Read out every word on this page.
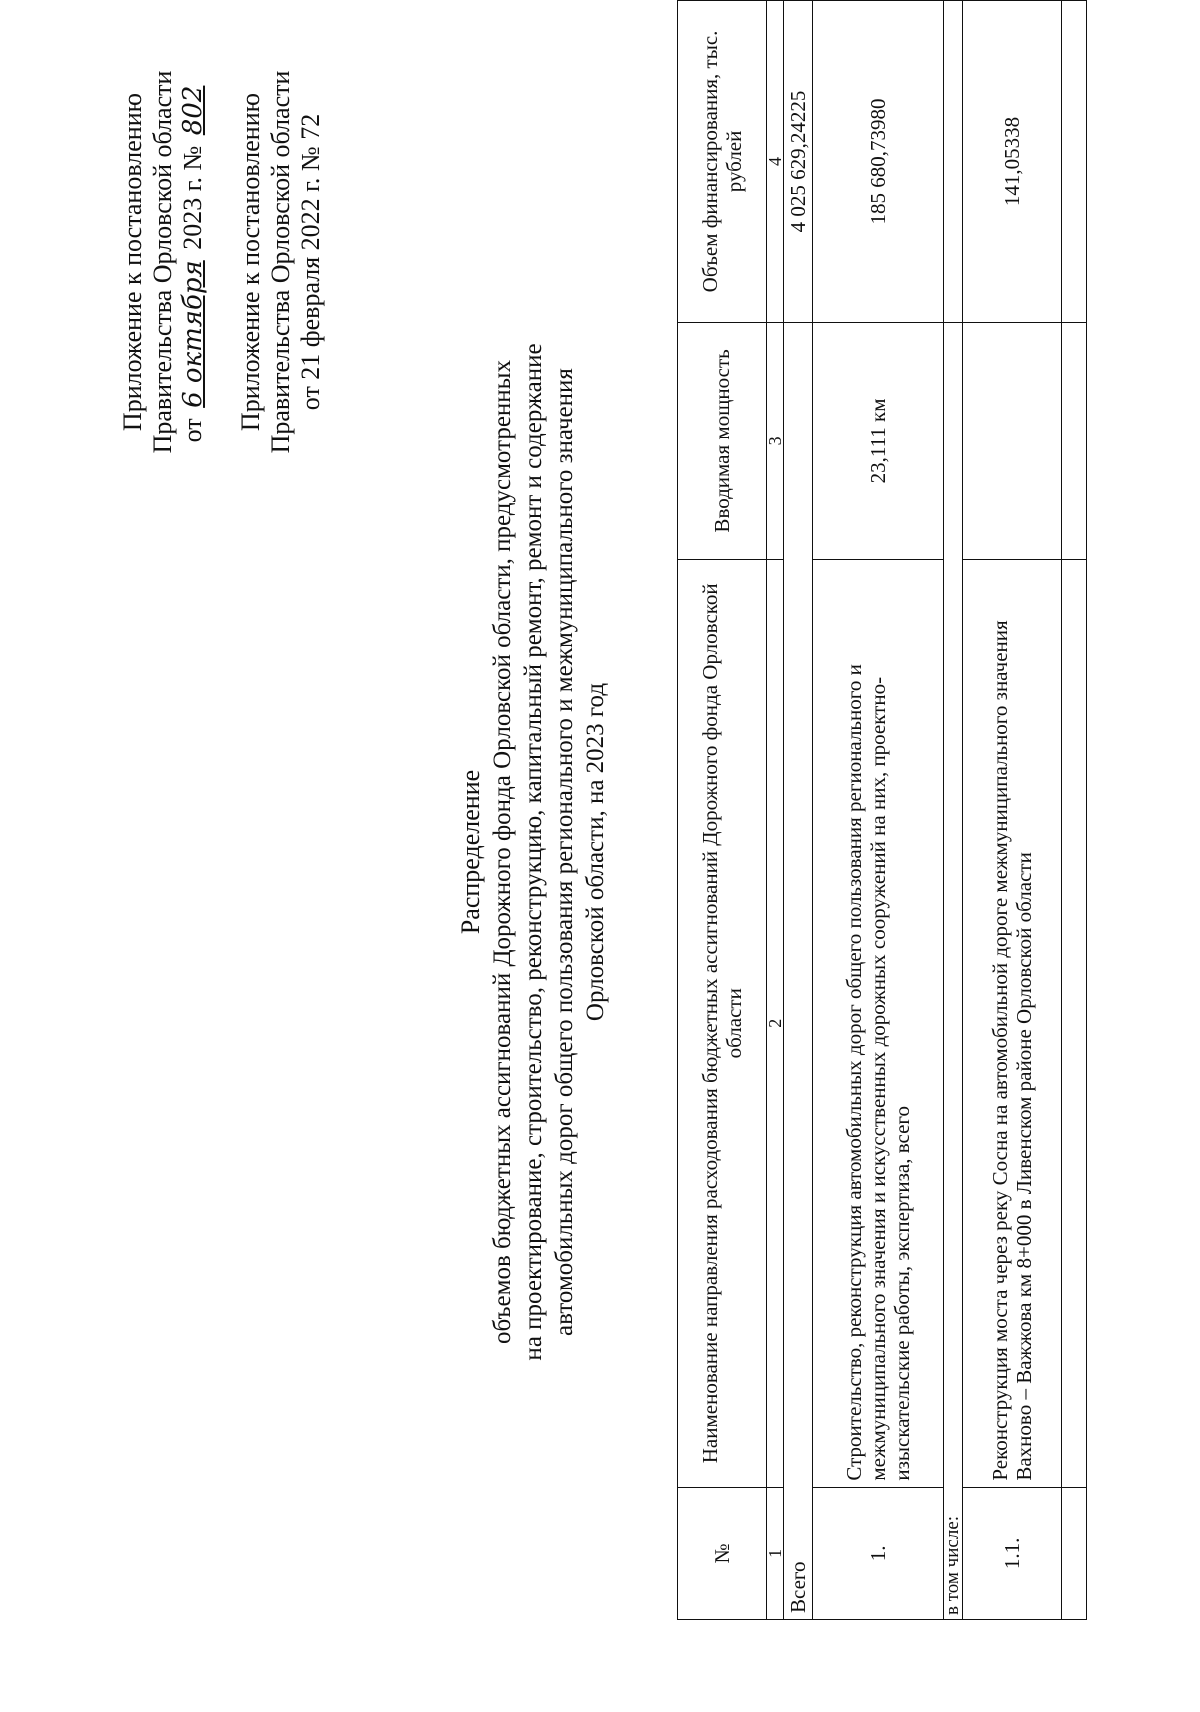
Приложение к постановлению Правительства Орловской области от 6 октября 2023 г. № 802 Приложение к постановлению Правительства Орловской области от 21 февраля 2022 г. № 72
Распределение объемов бюджетных ассигнований Дорожного фонда Орловской области, предусмотренных на проектирование, строительство, реконструкцию, капитальный ремонт, ремонт и содержание автомобильных дорог общего пользования регионального и межмуниципального значения Орловской области, на 2023 год
№	Наименование направления расходования бюджетных ассигнований Дорожного фонда Орловской области	Вводимая мощность	Объем финансирования, тыс. рублей
1	2	3	4
Всего			4 025 629,24225
1.	Строительство, реконструкция автомобильных дорог общего пользования регионального и межмуниципального значения и искусственных дорожных сооружений на них, проектно-изыскательские работы, экспертиза, всего	23,111 км	185 680,73980
в том числе:			
1.1.	Реконструкция моста через реку Сосна на автомобильной дороге межмуниципального значения Вахново – Важжова км 8+000 в Ливенском районе Орловской области		141,05338
